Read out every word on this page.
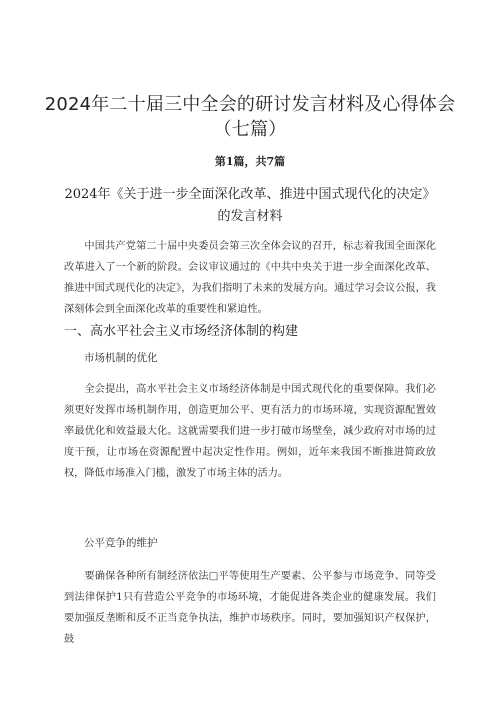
2024年二十届三中全会的研讨发言材料及心得体会（七篇）
第1篇，共7篇
2024年《关于进一步全面深化改革、推进中国式现代化的决定》的发言材料

中国共产党第二十届中央委员会第三次全体会议的召开，标志着我国全面深化改革进入了一个新的阶段。会议审议通过的《中共中央关于进一步全面深化改革、推进中国式现代化的决定》，为我们指明了未来的发展方向。通过学习会议公报，我深刻体会到全面深化改革的重要性和紧迫性。

一、高水平社会主义市场经济体制的构建
市场机制的优化

全会提出，高水平社会主义市场经济体制是中国式现代化的重要保障。我们必须更好发挥市场机制作用，创造更加公平、更有活力的市场环境，实现资源配置效率最优化和效益最大化。这就需要我们进一步打破市场壁垒，减少政府对市场的过度干预，让市场在资源配置中起决定性作用。例如，近年来我国不断推进简政放权，降低市场准入门槛，激发了市场主体的活力。

公平竞争的维护

要确保各种所有制经济依法□平等使用生产要素、公平参与市场竞争、同等受到法律保护1只有营造公平竞争的市场环境，才能促进各类企业的健康发展。我们要加强反垄断和反不正当竞争执法，维护市场秩序。同时，要加强知识产权保护，鼓
